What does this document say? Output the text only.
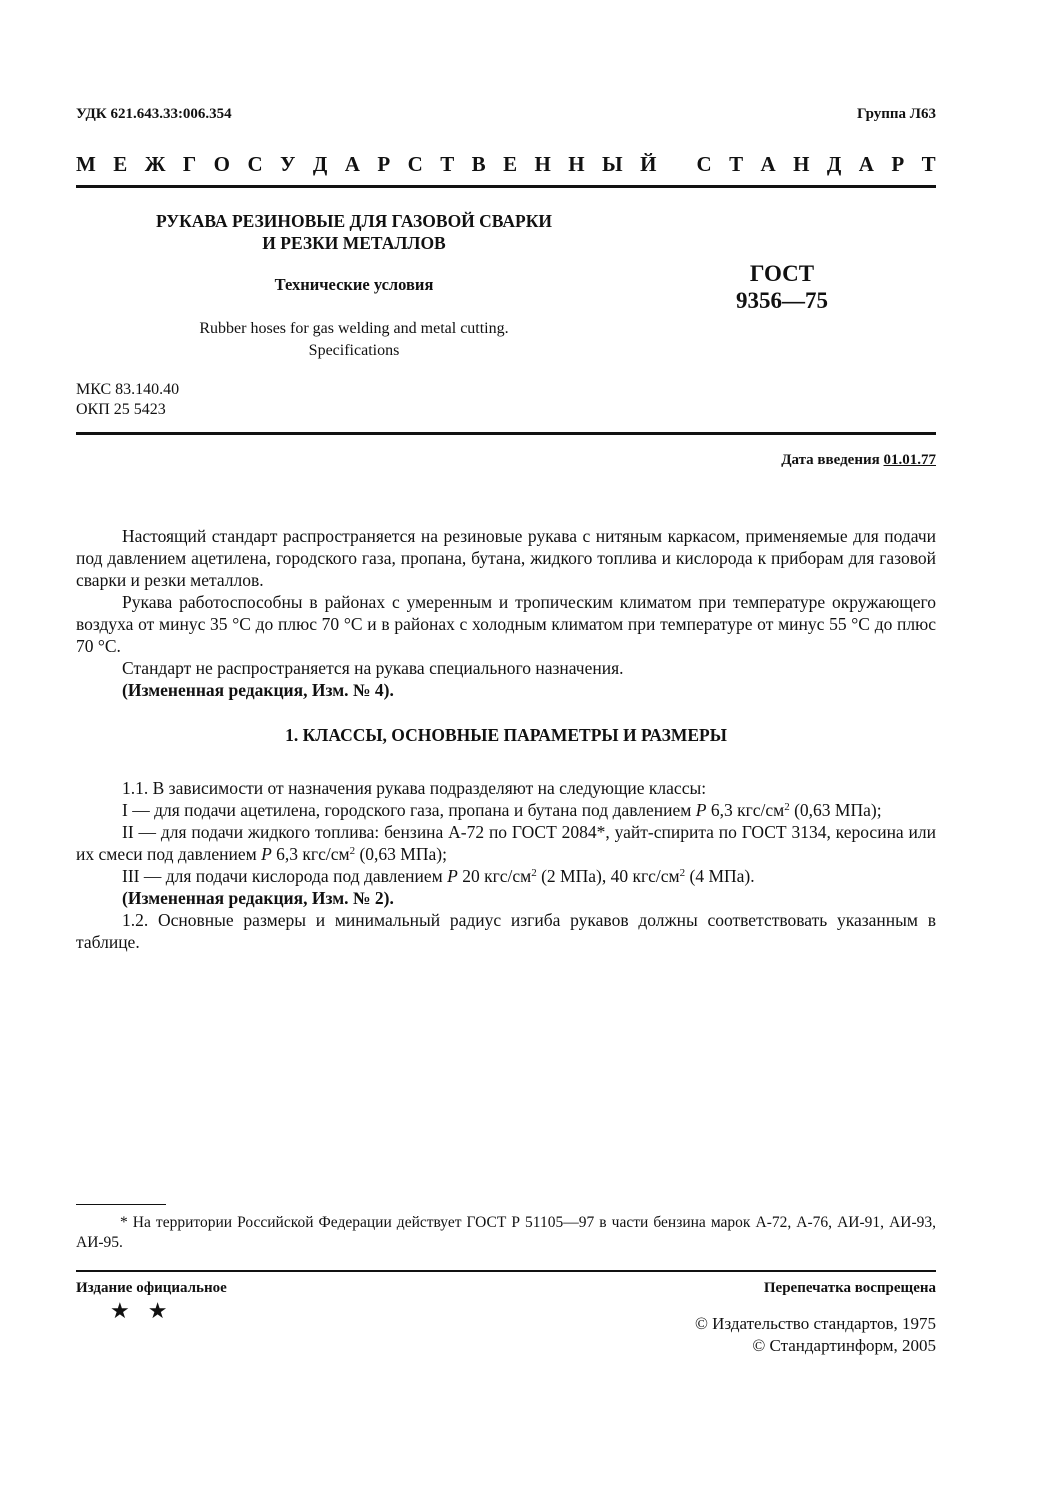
УДК 621.643.33:006.354	Группа Л63
М Е Ж Г О С У Д А Р С Т В Е Н Н Ы Й
С Т А Н Д А Р Т
РУКАВА РЕЗИНОВЫЕ ДЛЯ ГАЗОВОЙ СВАРКИ
И РЕЗКИ МЕТАЛЛОВ
Технические условия
Rubber hoses for gas welding and metal cutting.
Specifications
ГОСТ
9356—75
МКС 83.140.40
ОКП 25 5423
Дата введения 01.01.77

Настоящий стандарт распространяется на резиновые рукава с нитяным каркасом, применяемые для подачи под давлением ацетилена, городского газа, пропана, бутана, жидкого топлива и кислорода к приборам для газовой сварки и резки металлов.

Рукава работоспособны в районах с умеренным и тропическим климатом при температуре окружающего воздуха от минус 35 °C до плюс 70 °C и в районах с холодным климатом при температуре от минус 55 °C до плюс 70 °C.

Стандарт не распространяется на рукава специального назначения.

(Измененная редакция, Изм. № 4).

1. КЛАССЫ, ОСНОВНЫЕ ПАРАМЕТРЫ И РАЗМЕРЫ

1.1. В зависимости от назначения рукава подразделяют на следующие классы:

I — для подачи ацетилена, городского газа, пропана и бутана под давлением P 6,3 кгс/$см^2$ (0,63 МПа);

II — для подачи жидкого топлива: бензина А-72 по ГОСТ 2084*, уайт-спирита по ГОСТ 3134, керосина или их смеси под давлением P 6,3 кгс/$см^2$ (0,63 МПа);

III — для подачи кислорода под давлением P 20 кгс/$см^2$ (2 МПа), 40 кгс/$см^2$ (4 МПа).

(Измененная редакция, Изм. № 2).

1.2. Основные размеры и минимальный радиус изгиба рукавов должны соответствовать указанным в таблице.

* На территории Российской Федерации действует ГОСТ Р 51105—97 в части бензина марок А-72, А-76, АИ-91, АИ-93, АИ-95.

Издание официальное	Перепечатка воспрещена
★★
© Издательство стандартов, 1975
© Стандартинформ, 2005
